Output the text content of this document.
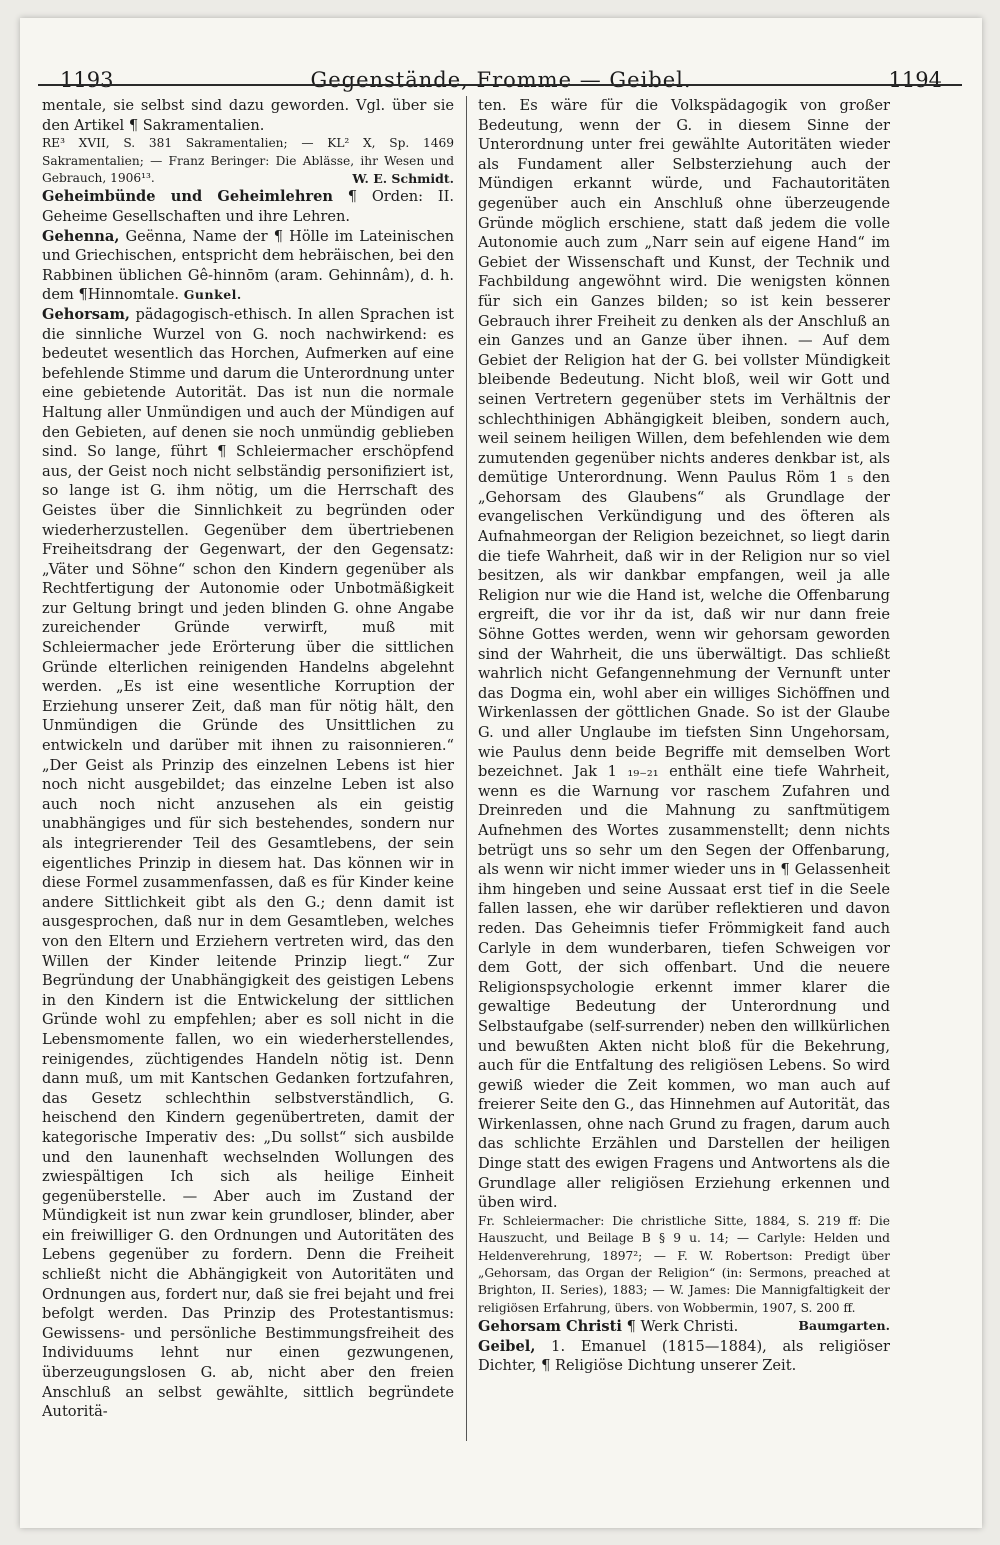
1193	Gegenstände, Fromme — Geibel.	1194

mentale, sie selbst sind dazu geworden. Vgl. über sie den Artikel ¶ Sakramentalien.

RE³ XVII, S. 381 Sakramentalien; — KL² X, Sp. 1469 Sakramentalien; — Franz Beringer: Die Ablässe, ihr Wesen und Gebrauch, 1906¹³.	W. E. Schmidt.

Geheimbünde und Geheimlehren ¶ Orden: II. Geheime Gesellschaften und ihre Lehren.

Gehenna, Geënna, Name der ¶ Hölle im Lateinischen und Griechischen, entspricht dem hebräischen, bei den Rabbinen üblichen Gê-hinnōm (aram. Gehinnâm), d. h. dem ¶Hinnomtale. Gunkel.

Gehorsam, pädagogisch-ethisch. In allen Sprachen ist die sinnliche Wurzel von G. noch nachwirkend: es bedeutet wesentlich das Horchen, Aufmerken auf eine befehlende Stimme und darum die Unterordnung unter eine gebietende Autorität. Das ist nun die normale Haltung aller Unmündigen und auch der Mündigen auf den Gebieten, auf denen sie noch unmündig geblieben sind. So lange, führt ¶ Schleiermacher erschöpfend aus, der Geist noch nicht selbständig personifiziert ist, so lange ist G. ihm nötig, um die Herrschaft des Geistes über die Sinnlichkeit zu begründen oder wiederherzustellen. Gegenüber dem übertriebenen Freiheitsdrang der Gegenwart, der den Gegensatz: „Väter und Söhne“ schon den Kindern gegenüber als Rechtfertigung der Autonomie oder Unbotmäßigkeit zur Geltung bringt und jeden blinden G. ohne Angabe zureichender Gründe verwirft, muß mit Schleiermacher jede Erörterung über die sittlichen Gründe elterlichen reinigenden Handelns abgelehnt werden. „Es ist eine wesentliche Korruption der Erziehung unserer Zeit, daß man für nötig hält, den Unmündigen die Gründe des Unsittlichen zu entwickeln und darüber mit ihnen zu raisonnieren.“ „Der Geist als Prinzip des einzelnen Lebens ist hier noch nicht ausgebildet; das einzelne Leben ist also auch noch nicht anzusehen als ein geistig unabhängiges und für sich bestehendes, sondern nur als integrierender Teil des Gesamtlebens, der sein eigentliches Prinzip in diesem hat. Das können wir in diese Formel zusammenfassen, daß es für Kinder keine andere Sittlichkeit gibt als den G.; denn damit ist ausgesprochen, daß nur in dem Gesamtleben, welches von den Eltern und Erziehern vertreten wird, das den Willen der Kinder leitende Prinzip liegt.“ Zur Begründung der Unabhängigkeit des geistigen Lebens in den Kindern ist die Entwickelung der sittlichen Gründe wohl zu empfehlen; aber es soll nicht in die Lebensmomente fallen, wo ein wiederherstellendes, reinigendes, züchtigendes Handeln nötig ist. Denn dann muß, um mit Kantschen Gedanken fortzufahren, das Gesetz schlechthin selbstverständlich, G. heischend den Kindern gegenübertreten, damit der kategorische Imperativ des: „Du sollst“ sich ausbilde und den launenhaft wechselnden Wollungen des zwiespältigen Ich sich als heilige Einheit gegenüberstelle. — Aber auch im Zustand der Mündigkeit ist nun zwar kein grundloser, blinder, aber ein freiwilliger G. den Ordnungen und Autoritäten des Lebens gegenüber zu fordern. Denn die Freiheit schließt nicht die Abhängigkeit von Autoritäten und Ordnungen aus, fordert nur, daß sie frei bejaht und frei befolgt werden. Das Prinzip des Protestantismus: Gewissens- und persönliche Bestimmungsfreiheit des Individuums lehnt nur einen gezwungenen, überzeugungslosen G. ab, nicht aber den freien Anschluß an selbst gewählte, sittlich begründete Autoritä-

ten. Es wäre für die Volkspädagogik von großer Bedeutung, wenn der G. in diesem Sinne der Unterordnung unter frei gewählte Autoritäten wieder als Fundament aller Selbsterziehung auch der Mündigen erkannt würde, und Fachautoritäten gegenüber auch ein Anschluß ohne überzeugende Gründe möglich erschiene, statt daß jedem die volle Autonomie auch zum „Narr sein auf eigene Hand“ im Gebiet der Wissenschaft und Kunst, der Technik und Fachbildung angewöhnt wird. Die wenigsten können für sich ein Ganzes bilden; so ist kein besserer Gebrauch ihrer Freiheit zu denken als der Anschluß an ein Ganzes und an Ganze über ihnen. — Auf dem Gebiet der Religion hat der G. bei vollster Mündigkeit bleibende Bedeutung. Nicht bloß, weil wir Gott und seinen Vertretern gegenüber stets im Verhältnis der schlechthinigen Abhängigkeit bleiben, sondern auch, weil seinem heiligen Willen, dem befehlenden wie dem zumutenden gegenüber nichts anderes denkbar ist, als demütige Unterordnung. Wenn Paulus Röm 1 ₅ den „Gehorsam des Glaubens“ als Grundlage der evangelischen Verkündigung und des öfteren als Aufnahmeorgan der Religion bezeichnet, so liegt darin die tiefe Wahrheit, daß wir in der Religion nur so viel besitzen, als wir dankbar empfangen, weil ja alle Religion nur wie die Hand ist, welche die Offenbarung ergreift, die vor ihr da ist, daß wir nur dann freie Söhne Gottes werden, wenn wir gehorsam geworden sind der Wahrheit, die uns überwältigt. Das schließt wahrlich nicht Gefangennehmung der Vernunft unter das Dogma ein, wohl aber ein williges Sichöffnen und Wirkenlassen der göttlichen Gnade. So ist der Glaube G. und aller Unglaube im tiefsten Sinn Ungehorsam, wie Paulus denn beide Begriffe mit demselben Wort bezeichnet. Jak 1 ₁₉₋₂₁ enthält eine tiefe Wahrheit, wenn es die Warnung vor raschem Zufahren und Dreinreden und die Mahnung zu sanftmütigem Aufnehmen des Wortes zusammenstellt; denn nichts betrügt uns so sehr um den Segen der Offenbarung, als wenn wir nicht immer wieder uns in ¶ Gelassenheit ihm hingeben und seine Aussaat erst tief in die Seele fallen lassen, ehe wir darüber reflektieren und davon reden. Das Geheimnis tiefer Frömmigkeit fand auch Carlyle in dem wunderbaren, tiefen Schweigen vor dem Gott, der sich offenbart. Und die neuere Religionspsychologie erkennt immer klarer die gewaltige Bedeutung der Unterordnung und Selbstaufgabe (self-surrender) neben den willkürlichen und bewußten Akten nicht bloß für die Bekehrung, auch für die Entfaltung des religiösen Lebens. So wird gewiß wieder die Zeit kommen, wo man auch auf freierer Seite den G., das Hinnehmen auf Autorität, das Wirkenlassen, ohne nach Grund zu fragen, darum auch das schlichte Erzählen und Darstellen der heiligen Dinge statt des ewigen Fragens und Antwortens als die Grundlage aller religiösen Erziehung erkennen und üben wird.

Fr. Schleiermacher: Die christliche Sitte, 1884, S. 219 ff: Die Hauszucht, und Beilage B § 9 u. 14; — Carlyle: Helden und Heldenverehrung, 1897²; — F. W. Robertson: Predigt über „Gehorsam, das Organ der Religion“ (in: Sermons, preached at Brighton, II. Series), 1883; — W. James: Die Mannigfaltigkeit der religiösen Erfahrung, übers. von Wobbermin, 1907, S. 200 ff.
Baumgarten.

Gehorsam Christi ¶ Werk Christi.

Geibel, 1. Emanuel (1815—1884), als religiöser Dichter, ¶ Religiöse Dichtung unserer Zeit.
